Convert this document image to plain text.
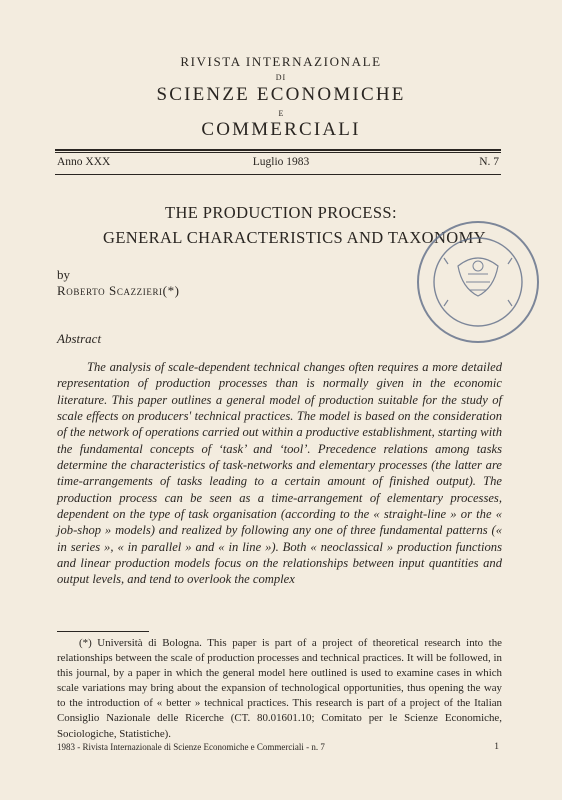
RIVISTA INTERNAZIONALE
DI
SCIENZE ECONOMICHE
E
COMMERCIALI
Anno XXX	Luglio 1983	N. 7
THE PRODUCTION PROCESS:
GENERAL CHARACTERISTICS AND TAXONOMY
by
Roberto Scazzieri(*)
Abstract

The analysis of scale-dependent technical changes often requires a more detailed representation of production processes than is normally given in the economic literature. This paper outlines a general model of production suitable for the study of scale effects on producers' technical practices. The model is based on the consideration of the network of operations carried out within a productive establishment, starting with the fundamental concepts of ‘task’ and ‘tool’. Precedence relations among tasks determine the characteristics of task-networks and elementary processes (the latter are time-arrangements of tasks leading to a certain amount of finished output). The production process can be seen as a time-arrangement of elementary processes, dependent on the type of task organisation (according to the « straight-line » or the « job-shop » models) and realized by following any one of three fundamental patterns (« in series », « in parallel » and « in line »). Both « neoclassical » production functions and linear production models focus on the relationships between input quantities and output levels, and tend to overlook the complex

(*) Università di Bologna. This paper is part of a project of theoretical research into the relationships between the scale of production processes and technical practices. It will be followed, in this journal, by a paper in which the general model here outlined is used to examine cases in which scale variations may bring about the expansion of technological opportunities, thus opening the way to the introduction of « better » technical practices. This research is part of a project of the Italian Consiglio Nazionale delle Ricerche (CT. 80.01601.10; Comitato per le Scienze Economiche, Sociologiche, Statistiche).

1983 - Rivista Internazionale di Scienze Economiche e Commerciali - n. 7	1
